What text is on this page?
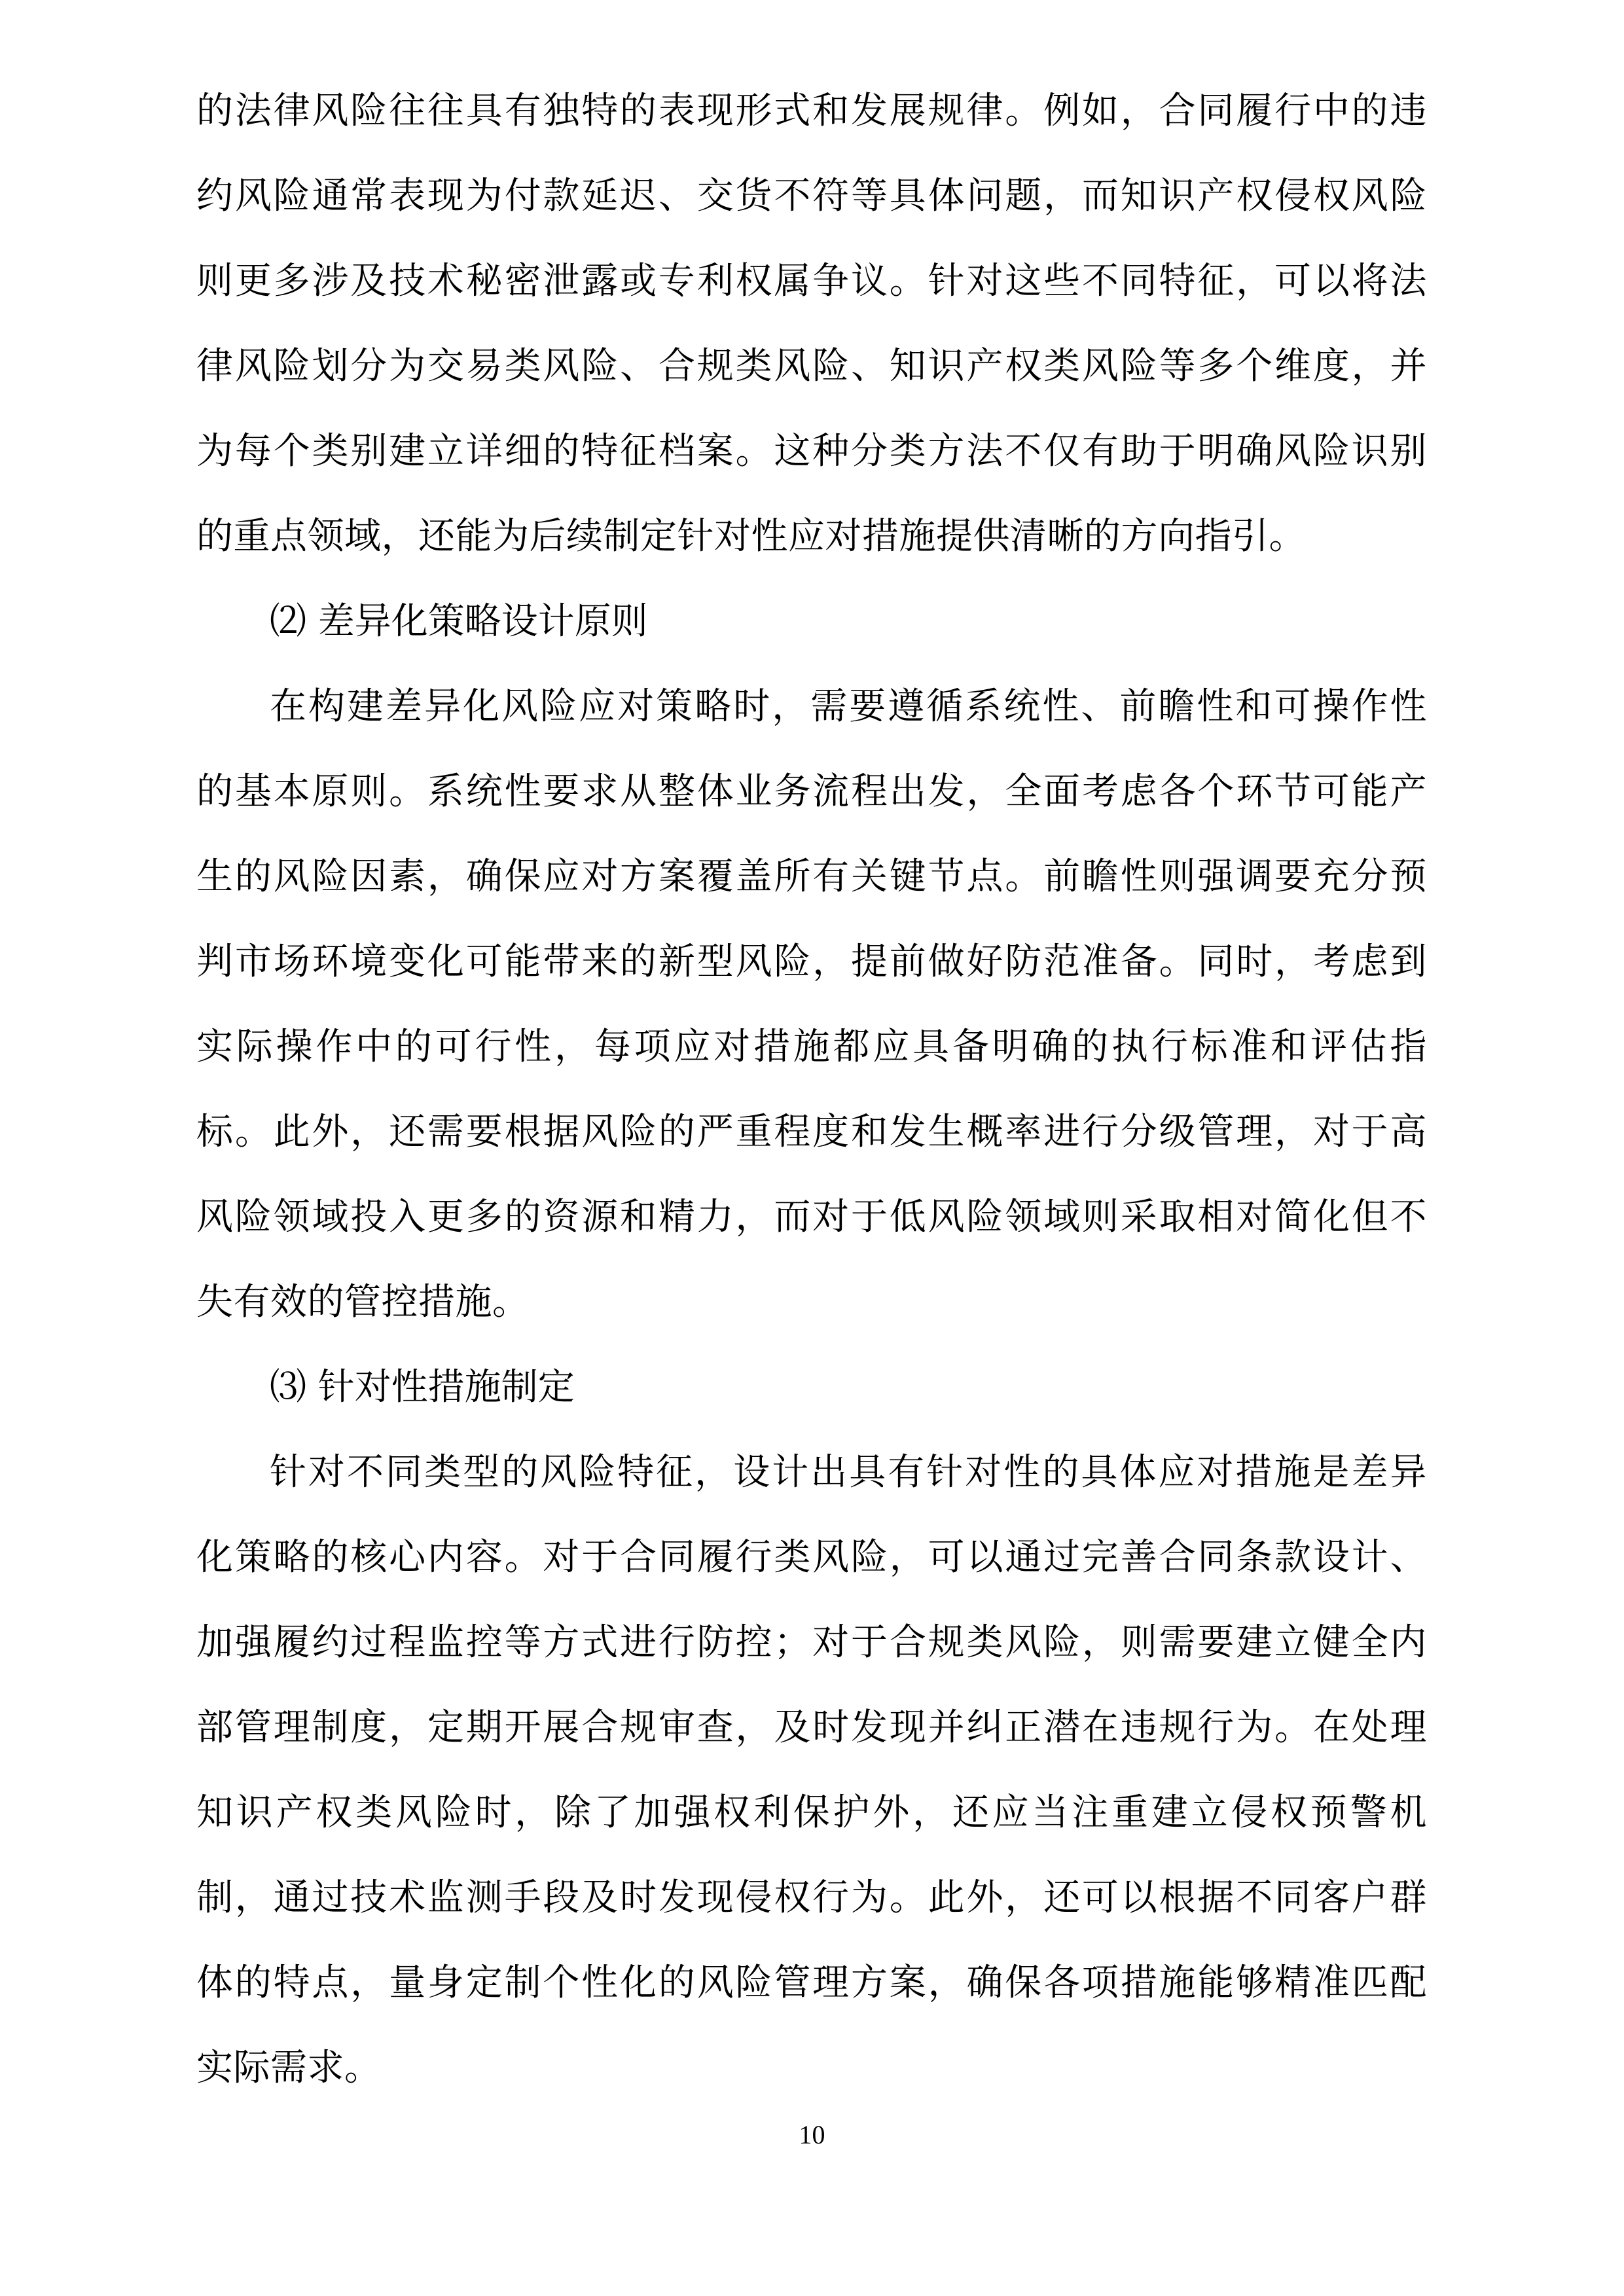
的法律风险往往具有独特的表现形式和发展规律。例如，合同履行中的违

约风险通常表现为付款延迟、交货不符等具体问题，而知识产权侵权风险

则更多涉及技术秘密泄露或专利权属争议。针对这些不同特征，可以将法

律风险划分为交易类风险、合规类风险、知识产权类风险等多个维度，并

为每个类别建立详细的特征档案。这种分类方法不仅有助于明确风险识别

的重点领域，还能为后续制定针对性应对措施提供清晰的方向指引。

⑵ 差异化策略设计原则

在构建差异化风险应对策略时，需要遵循系统性、前瞻性和可操作性

的基本原则。系统性要求从整体业务流程出发，全面考虑各个环节可能产

生的风险因素，确保应对方案覆盖所有关键节点。前瞻性则强调要充分预

判市场环境变化可能带来的新型风险，提前做好防范准备。同时，考虑到

实际操作中的可行性，每项应对措施都应具备明确的执行标准和评估指

标。此外，还需要根据风险的严重程度和发生概率进行分级管理，对于高

风险领域投入更多的资源和精力，而对于低风险领域则采取相对简化但不

失有效的管控措施。

⑶ 针对性措施制定

针对不同类型的风险特征，设计出具有针对性的具体应对措施是差异

化策略的核心内容。对于合同履行类风险，可以通过完善合同条款设计、

加强履约过程监控等方式进行防控；对于合规类风险，则需要建立健全内

部管理制度，定期开展合规审查，及时发现并纠正潜在违规行为。在处理

知识产权类风险时，除了加强权利保护外，还应当注重建立侵权预警机

制，通过技术监测手段及时发现侵权行为。此外，还可以根据不同客户群

体的特点，量身定制个性化的风险管理方案，确保各项措施能够精准匹配

实际需求。

10
